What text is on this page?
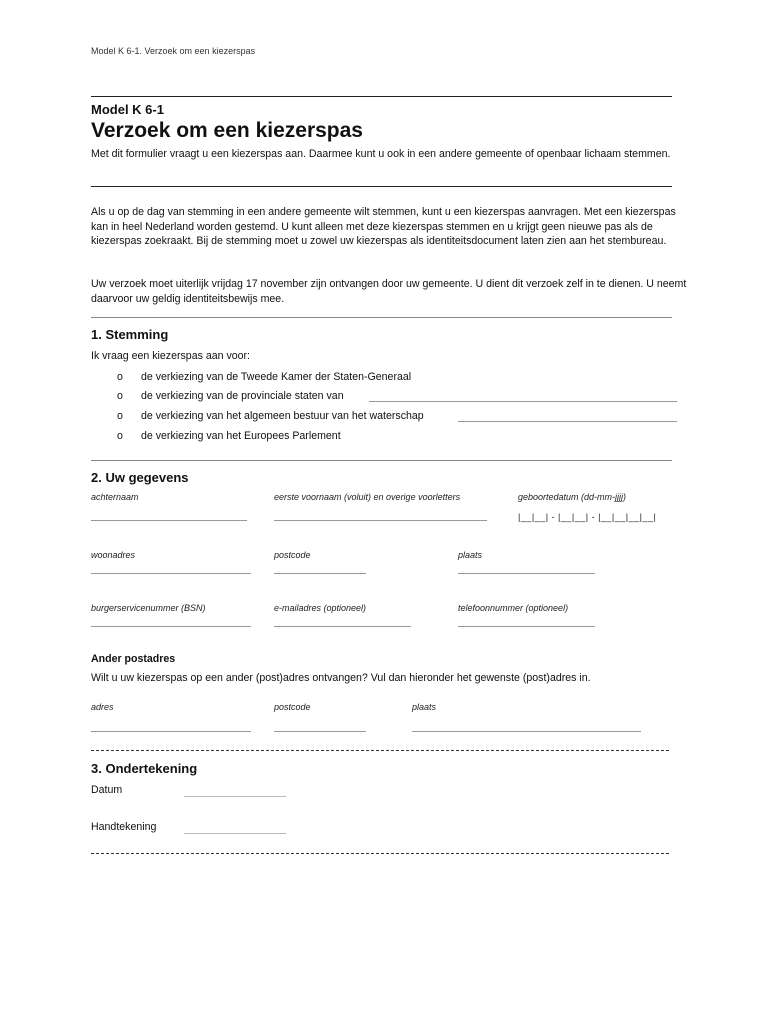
Model K 6-1. Verzoek om een kiezerspas
Model K 6-1
Verzoek om een kiezerspas
Met dit formulier vraagt u een kiezerspas aan. Daarmee kunt u ook in een andere gemeente of openbaar lichaam stemmen.
Als u op de dag van stemming in een andere gemeente wilt stemmen, kunt u een kiezerspas aanvragen. Met een kiezerspas kan in heel Nederland worden gestemd. U kunt alleen met deze kiezerspas stemmen en u krijgt geen nieuwe pas als de kiezerspas zoekraakt. Bij de stemming moet u zowel uw kiezerspas als identiteitsdocument laten zien aan het stembureau.
Uw verzoek moet uiterlijk vrijdag 17 november zijn ontvangen door uw gemeente. U dient dit verzoek zelf in te dienen. U neemt daarvoor uw geldig identiteitsbewijs mee.
1. Stemming
Ik vraag een kiezerspas aan voor:
o de verkiezing van de Tweede Kamer der Staten-Generaal
o de verkiezing van de provinciale staten van
o de verkiezing van het algemeen bestuur van het waterschap
o de verkiezing van het Europees Parlement
2. Uw gegevens
achternaam	eerste voornaam (voluit) en overige voorletters	geboortedatum (dd-mm-jjjj)
|__|__| - |__|__| - |__|__|__|__|
woonadres	postcode	plaats
burgerservicenummer (BSN)	e-mailadres (optioneel)	telefoonnummer (optioneel)
Ander postadres
Wilt u uw kiezerspas op een ander (post)adres ontvangen? Vul dan hieronder het gewenste (post)adres in.
adres	postcode	plaats
3. Ondertekening
Datum
Handtekening
